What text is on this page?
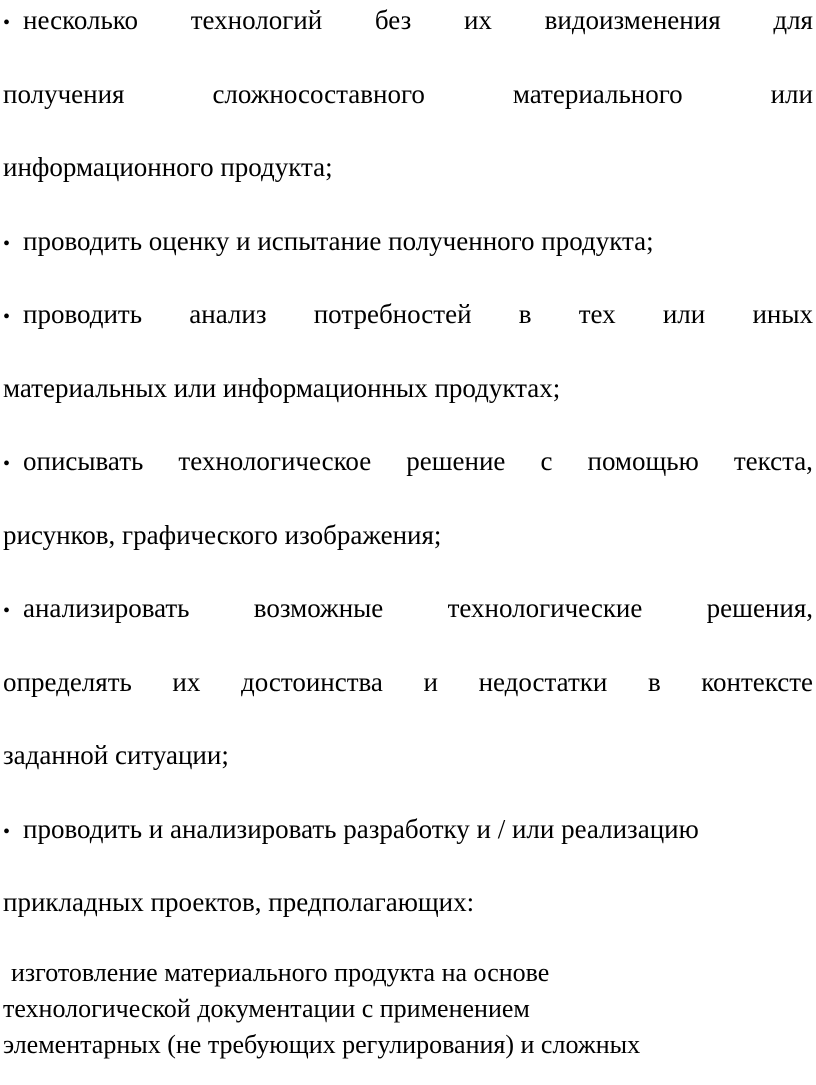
• несколько технологий без их видоизменения для
получения	сложносоставного	материального	или
информационного продукта;
• проводить оценку и испытание полученного продукта;
• проводить анализ потребностей в тех или иных
материальных или информационных продуктах;
• описывать технологическое решение с помощью текста,
рисунков, графического изображения;
• анализировать возможные технологические решения,
определять их достоинства и недостатки в контексте
заданной ситуации;
• проводить и анализировать разработку и / или реализацию
прикладных проектов, предполагающих:
изготовление материального продукта на основе
технологической документации с применением
элементарных (не требующих регулирования) и сложных
